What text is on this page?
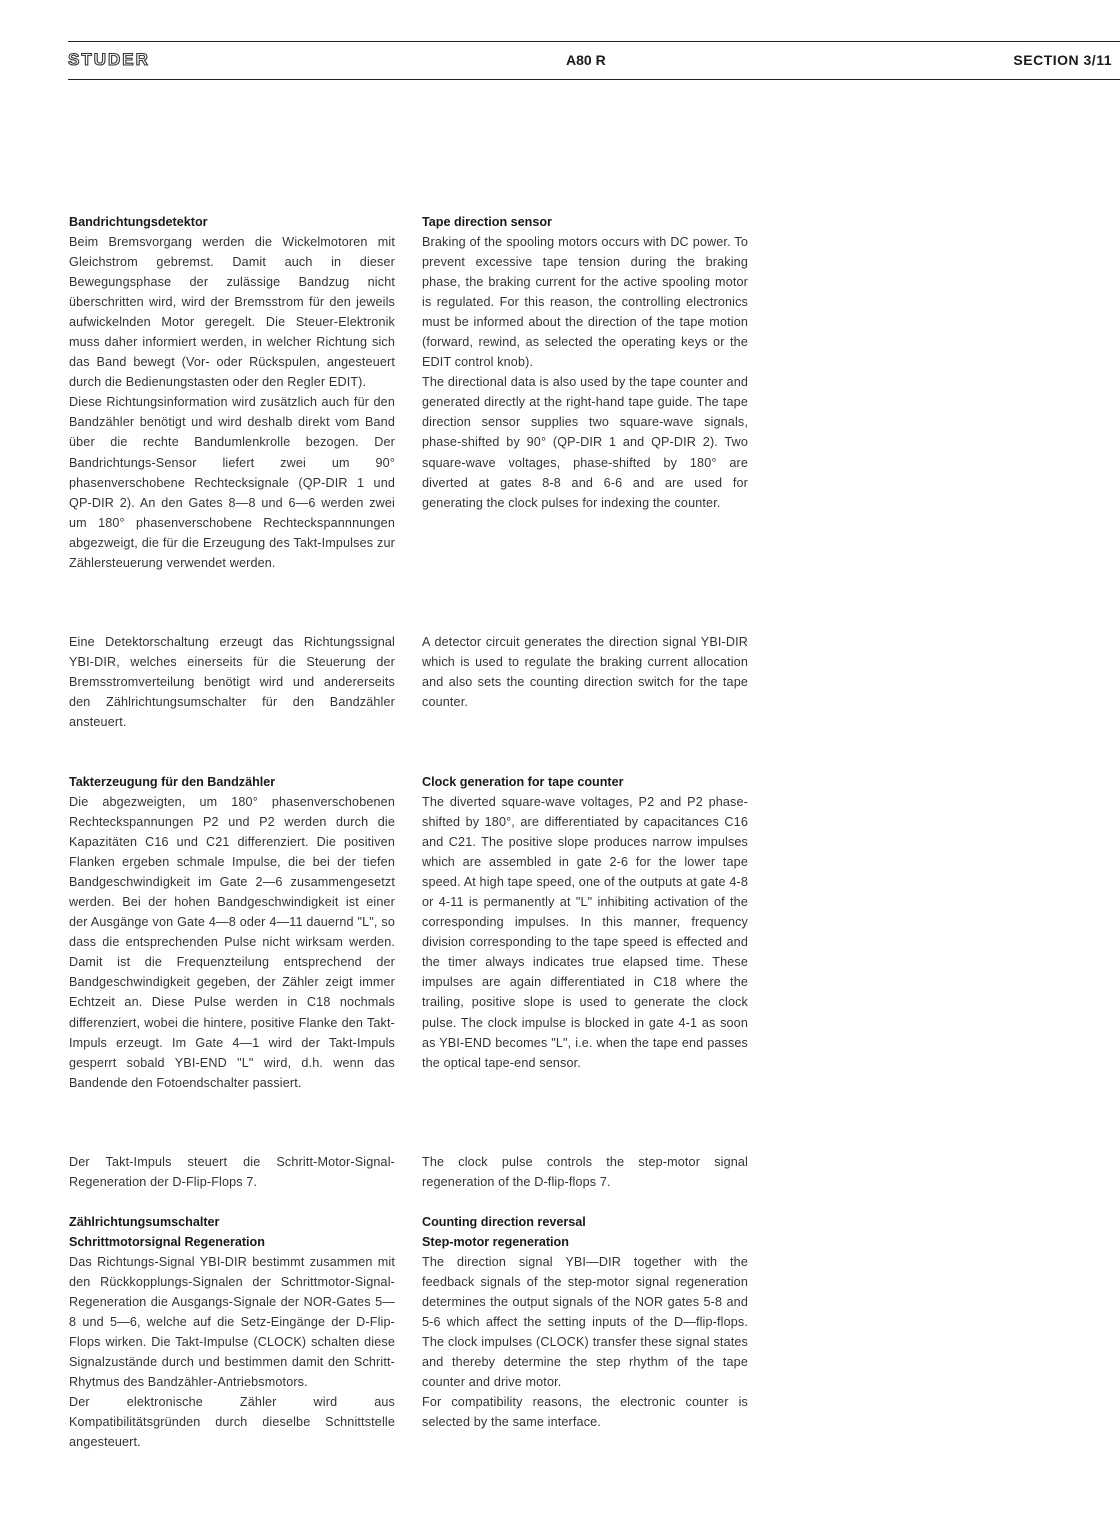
STUDER	A80 R	SECTION 3/11

Bandrichtungsdetektor

Beim Bremsvorgang werden die Wickelmotoren mit Gleichstrom gebremst. Damit auch in dieser Bewegungsphase der zulässige Bandzug nicht überschritten wird, wird der Bremsstrom für den jeweils aufwickelnden Motor geregelt. Die Steuer-Elektronik muss daher informiert werden, in welcher Richtung sich das Band bewegt (Vor- oder Rückspulen, angesteuert durch die Bedienungstasten oder den Regler EDIT).

Diese Richtungsinformation wird zusätzlich auch für den Bandzähler benötigt und wird deshalb direkt vom Band über die rechte Bandumlenkrolle bezogen. Der Bandrichtungs-Sensor liefert zwei um 90° phasenverschobene Rechtecksignale (QP-DIR 1 und QP-DIR 2). An den Gates 8—8 und 6—6 werden zwei um 180° phasenverschobene Rechteckspannnungen abgezweigt, die für die Erzeugung des Takt-Impulses zur Zählersteuerung verwendet werden.

Eine Detektorschaltung erzeugt das Richtungssignal YBI-DIR, welches einerseits für die Steuerung der Bremsstromverteilung benötigt wird und andererseits den Zählrichtungsumschalter für den Bandzähler ansteuert.

Takterzeugung für den Bandzähler

Die abgezweigten, um 180° phasenverschobenen Rechteckspannungen P2 und P2 werden durch die Kapazitäten C16 und C21 differenziert. Die positiven Flanken ergeben schmale Impulse, die bei der tiefen Bandgeschwindigkeit im Gate 2—6 zusammengesetzt werden. Bei der hohen Bandgeschwindigkeit ist einer der Ausgänge von Gate 4—8 oder 4—11 dauernd "L", so dass die entsprechenden Pulse nicht wirksam werden. Damit ist die Frequenzteilung entsprechend der Bandgeschwindigkeit gegeben, der Zähler zeigt immer Echtzeit an. Diese Pulse werden in C18 nochmals differenziert, wobei die hintere, positive Flanke den Takt-Impuls erzeugt. Im Gate 4—1 wird der Takt-Impuls gesperrt sobald YBI-END "L" wird, d.h. wenn das Bandende den Fotoendschalter passiert.

Der Takt-Impuls steuert die Schritt-Motor-Signal-Regeneration der D-Flip-Flops 7.

Zählrichtungsumschalter

Schrittmotorsignal Regeneration

Das Richtungs-Signal YBI-DIR bestimmt zusammen mit den Rückkopplungs-Signalen der Schrittmotor-Signal-Regeneration die Ausgangs-Signale der NOR-Gates 5—8 und 5—6, welche auf die Setz-Eingänge der D-Flip-Flops wirken. Die Takt-Impulse (CLOCK) schalten diese Signalzustände durch und bestimmen damit den Schritt-Rhytmus des Bandzähler-Antriebsmotors.

Der elektronische Zähler wird aus Kompatibilitätsgründen durch dieselbe Schnittstelle angesteuert.

Tape direction sensor

Braking of the spooling motors occurs with DC power. To prevent excessive tape tension during the braking phase, the braking current for the active spooling motor is regulated. For this reason, the controlling electronics must be informed about the direction of the tape motion (forward, rewind, as selected the operating keys or the EDIT control knob).

The directional data is also used by the tape counter and generated directly at the right-hand tape guide. The tape direction sensor supplies two square-wave signals, phase-shifted by 90° (QP-DIR 1 and QP-DIR 2). Two square-wave voltages, phase-shifted by 180° are diverted at gates 8-8 and 6-6 and are used for generating the clock pulses for indexing the counter.

A detector circuit generates the direction signal YBI-DIR which is used to regulate the braking current allocation and also sets the counting direction switch for the tape counter.

Clock generation for tape counter

The diverted square-wave voltages, P2 and P2 phase-shifted by 180°, are differentiated by capacitances C16 and C21. The positive slope produces narrow impulses which are assembled in gate 2-6 for the lower tape speed. At high tape speed, one of the outputs at gate 4-8 or 4-11 is permanently at "L" inhibiting activation of the corresponding impulses. In this manner, frequency division corresponding to the tape speed is effected and the timer always indicates true elapsed time. These impulses are again differentiated in C18 where the trailing, positive slope is used to generate the clock pulse. The clock impulse is blocked in gate 4-1 as soon as YBI-END becomes "L", i.e. when the tape end passes the optical tape-end sensor.

The clock pulse controls the step-motor signal regeneration of the D-flip-flops 7.

Counting direction reversal

Step-motor regeneration

The direction signal YBI—DIR together with the feedback signals of the step-motor signal regeneration determines the output signals of the NOR gates 5-8 and 5-6 which affect the setting inputs of the D—flip-flops. The clock impulses (CLOCK) transfer these signal states and thereby determine the step rhythm of the tape counter and drive motor.

For compatibility reasons, the electronic counter is selected by the same interface.
